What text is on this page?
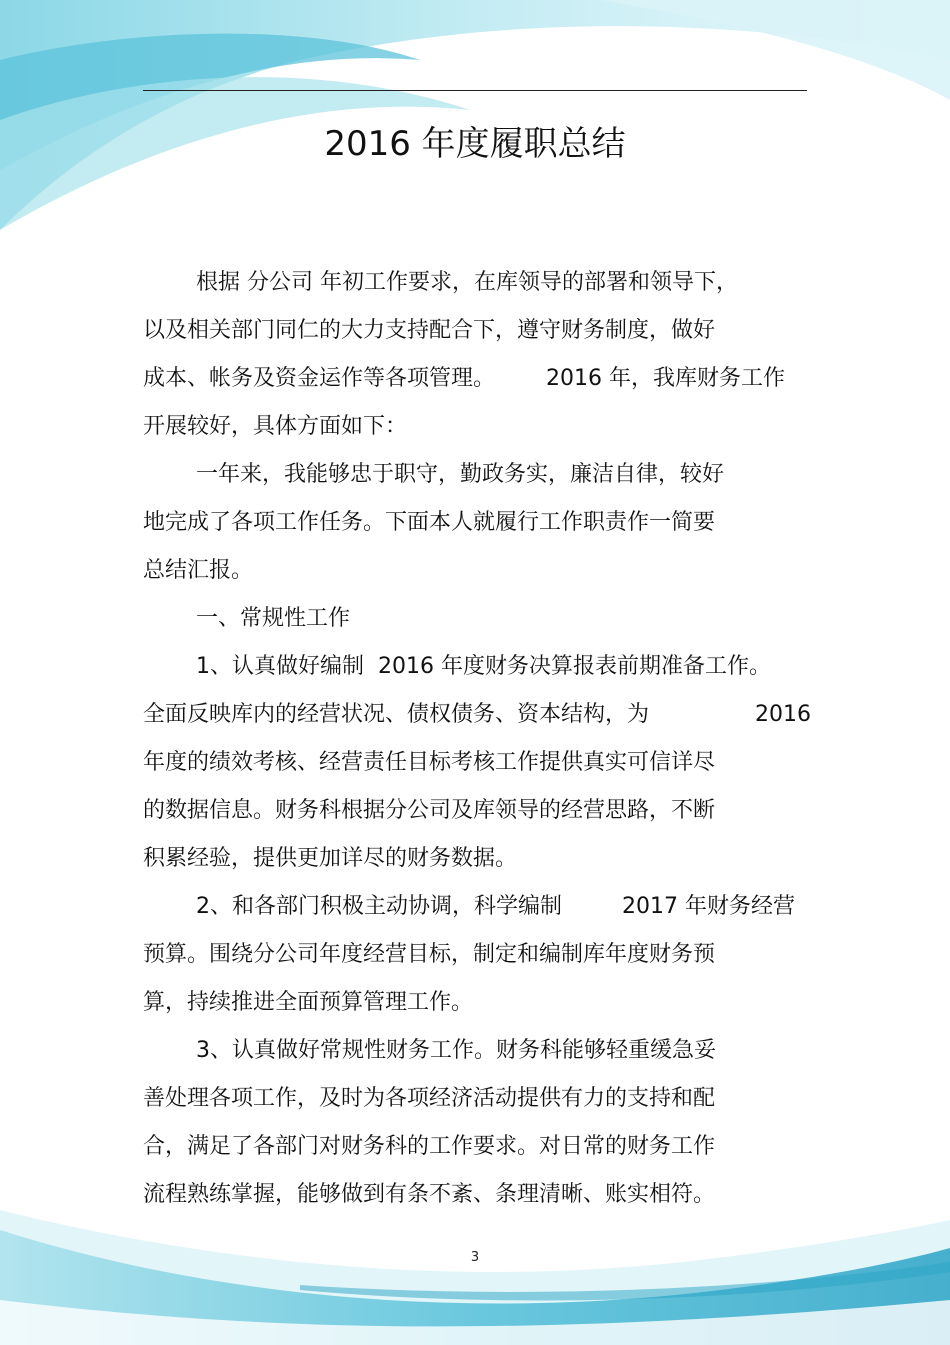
2016 年度履职总结
根据 分公司 年初工作要求，在库领导的部署和领导下，
以及相关部门同仁的大力支持配合下，遵守财务制度，做好
成本、帐务及资金运作等各项管理。 2016 年，我库财务工作
开展较好，具体方面如下：
一年来，我能够忠于职守，勤政务实，廉洁自律，较好
地完成了各项工作任务。下面本人就履行工作职责作一简要
总结汇报。
一、常规性工作
1、认真做好编制 2016 年度财务决算报表前期准备工作。
全面反映库内的经营状况、债权债务、资本结构，为	2016
年度的绩效考核、经营责任目标考核工作提供真实可信详尽
的数据信息。财务科根据分公司及库领导的经营思路，不断
积累经验，提供更加详尽的财务数据。
2、和各部门积极主动协调，科学编制	2017 年财务经营
预算。围绕分公司年度经营目标，制定和编制库年度财务预
算，持续推进全面预算管理工作。
3、认真做好常规性财务工作。财务科能够轻重缓急妥
善处理各项工作，及时为各项经济活动提供有力的支持和配
合，满足了各部门对财务科的工作要求。对日常的财务工作
流程熟练掌握，能够做到有条不紊、条理清晰、账实相符。
3
